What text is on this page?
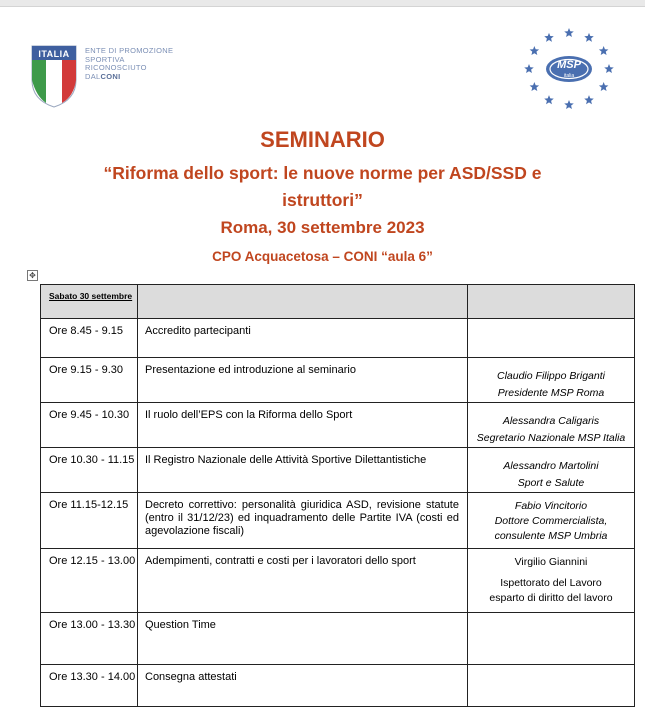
ITALIA	ENTE DI PROMOZIONE
SPORTIVA
RICONOSCIUTO
DALCONI
MSP
italia
SEMINARIO
“Riforma dello sport: le nuove norme per ASD/SSD e
istruttori”
Roma, 30 settembre 2023
CPO Acquacetosa – CONI “aula 6”
✥
Sabato 30 settembre		
Ore 8.45 - 9.15	Accredito partecipanti	
Ore 9.15 - 9.30	Presentazione ed introduzione al seminario	Claudio Filippo Briganti
Presidente MSP Roma

Ore 9.45 - 10.30	Il ruolo dell’EPS con la Riforma dello Sport	Alessandra Caligaris
Segretario Nazionale MSP Italia

Ore 10.30 - 11.15	Il Registro Nazionale delle Attività Sportive Dilettantistiche	Alessandro Martolini
Sport e Salute

Ore 11.15-12.15	Decreto correttivo: personalità giuridica ASD, revisione statute (entro il 31/12/23) ed inquadramento delle Partite IVA (costi ed agevolazione fiscali)	Fabio Vincitorio
Dottore Commercialista,
consulente MSP Umbria

Ore 12.15 - 13.00	Adempimenti, contratti e costi per i lavoratori dello sport	Virgilio Giannini
Ispettorato del Lavoro
esparto di diritto del lavoro

Ore 13.00 - 13.30	Question Time	
Ore 13.30 - 14.00	Consegna attestati	
